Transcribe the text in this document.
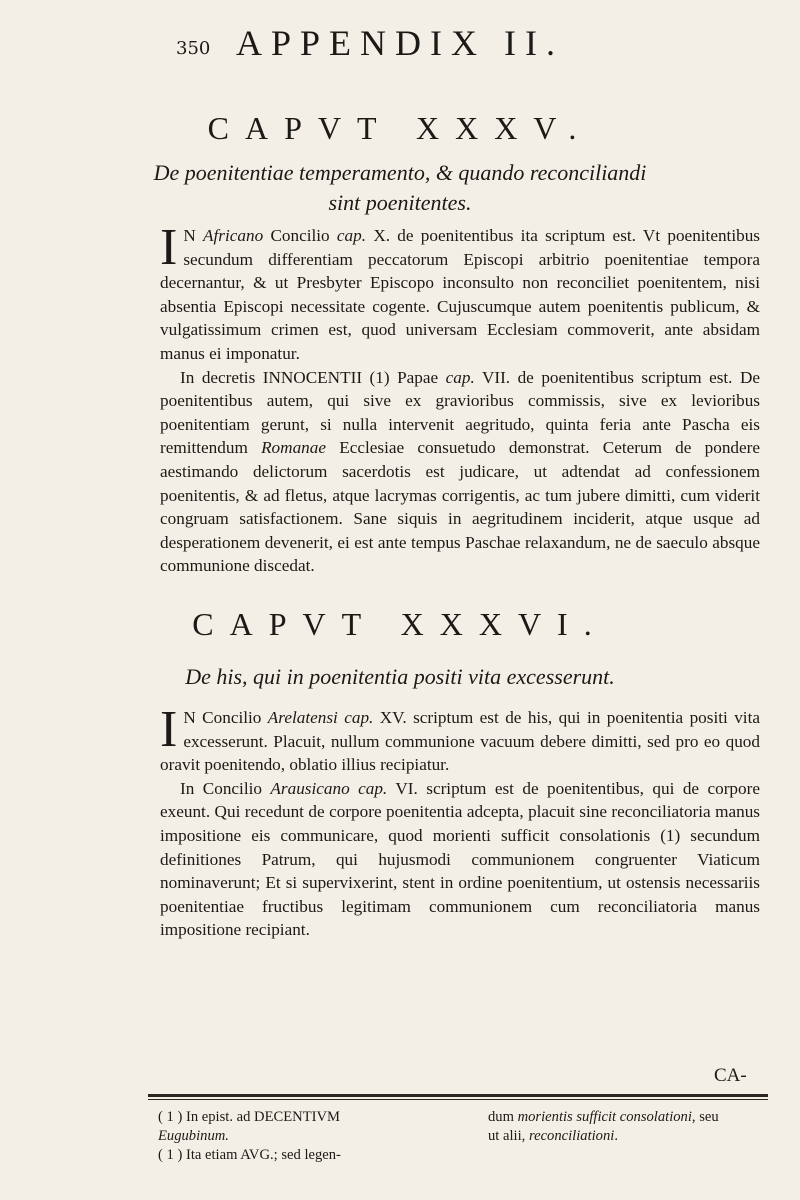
350 APPENDIX II.
CAPVT XXXV.
De poenitentiae temperamento, & quando reconciliandi
sint poenitentes.

I N Africano Concilio cap. X. de poenitentibus ita scriptum est. Vt poenitentibus secundum differentiam peccatorum Episcopi arbitrio poenitentiae tempora decernantur, & ut Presbyter Episcopo inconsulto non reconciliet poenitentem, nisi absentia Episcopi necessitate cogente. Cujuscumque autem poenitentis publicum, & vulgatissimum crimen est, quod universam Ecclesiam commoverit, ante absidam manus ei imponatur.

In decretis INNOCENTII (1) Papae cap. VII. de poenitentibus scriptum est. De poenitentibus autem, qui sive ex gravioribus commissis, sive ex levioribus poenitentiam gerunt, si nulla intervenit aegritudo, quinta feria ante Pascha eis remittendum Romanae Ecclesiae consuetudo demonstrat. Ceterum de pondere aestimando delictorum sacerdotis est judicare, ut adtendat ad confessionem poenitentis, & ad fletus, atque lacrymas corrigentis, ac tum jubere dimitti, cum viderit congruam satisfactionem. Sane siquis in aegritudinem inciderit, atque usque ad desperationem devenerit, ei est ante tempus Paschae relaxandum, ne de saeculo absque communione discedat.

CAPVT XXXVI.
De his, qui in poenitentia positi vita excesserunt.

I N Concilio Arelatensi cap. XV. scriptum est de his, qui in poenitentia positi vita excesserunt. Placuit, nullum communione vacuum debere dimitti, sed pro eo quod oravit poenitendo, oblatio illius recipiatur.

In Concilio Arausicano cap. VI. scriptum est de poenitentibus, qui de corpore exeunt. Qui recedunt de corpore poenitentia adcepta, placuit sine reconciliatoria manus impositione eis communicare, quod morienti sufficit consolationis (1) secundum definitiones Patrum, qui hujusmodi communionem congruenter Viaticum nominaverunt; Et si supervixerint, stent in ordine poenitentium, ut ostensis necessariis poenitentiae fructibus legitimam communionem cum reconciliatoria manus impositione recipiant.

CA-
( 1 ) In epist. ad DECENTIVM	dum morientis sufficit consolationi, seu
Eugubinum.	ut alii, reconciliationi.
( 1 ) Ita etiam AVG.; sed legen-
